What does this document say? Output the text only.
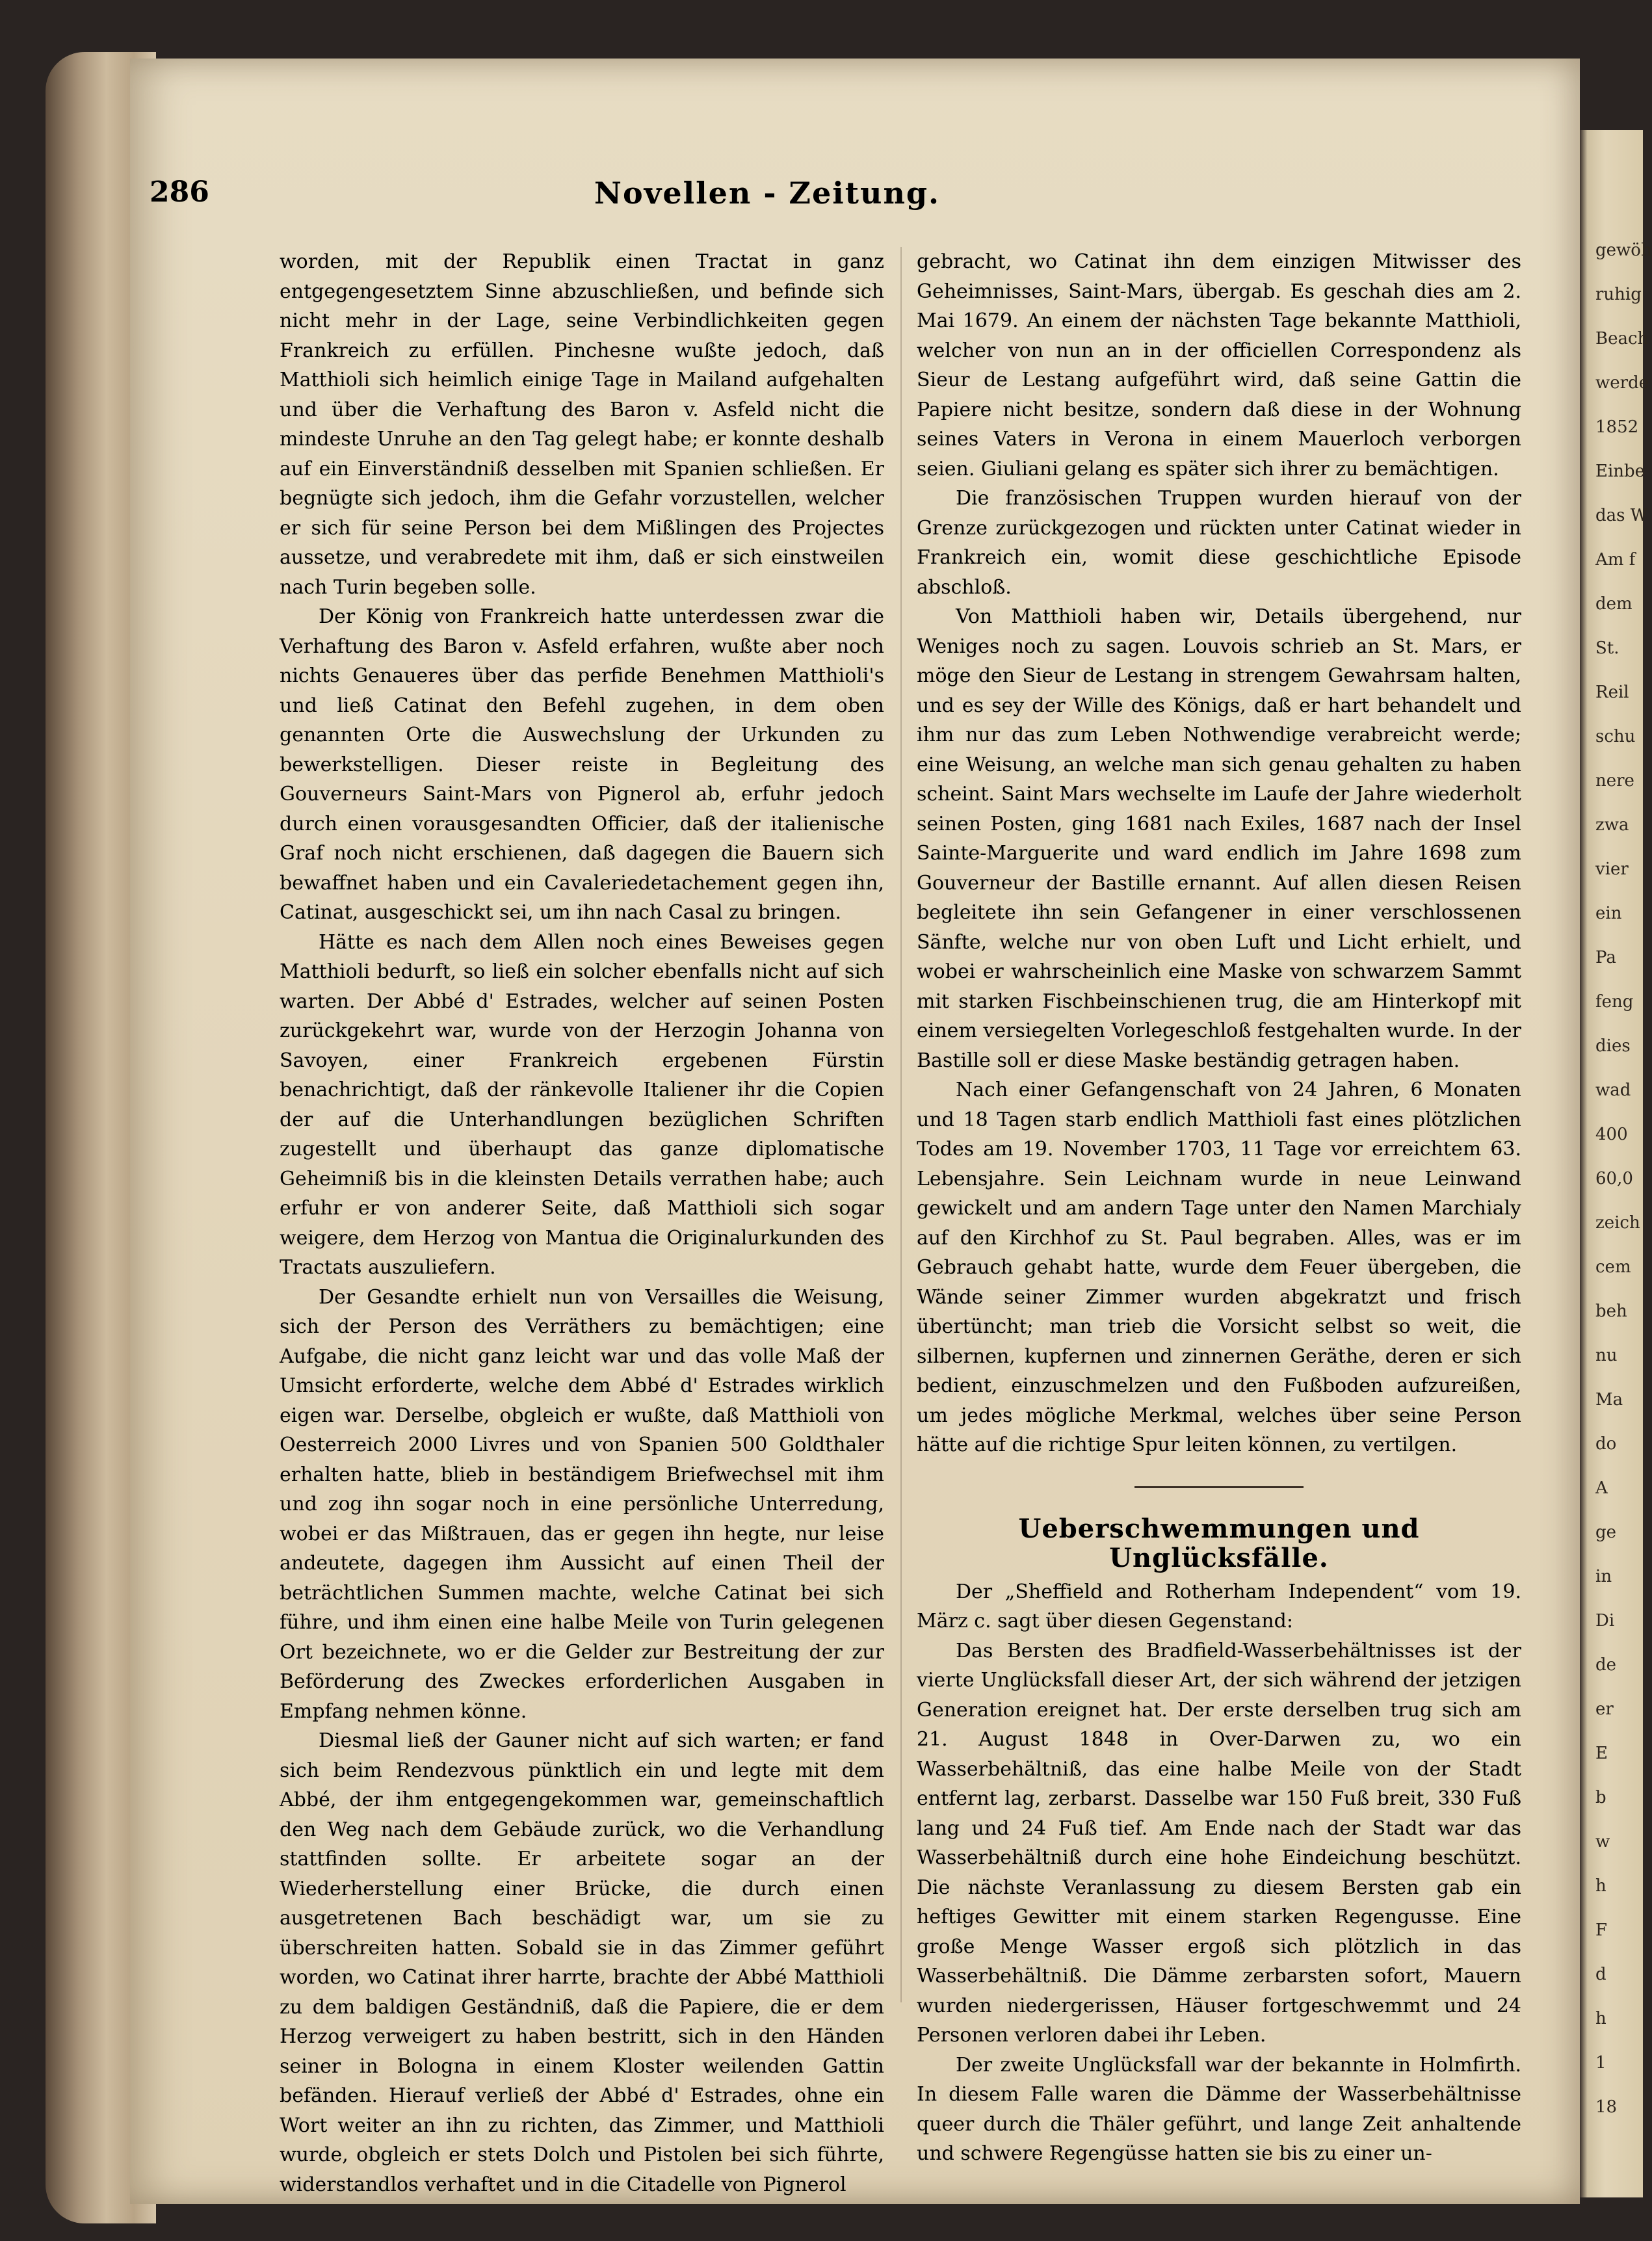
286	Novellen - Zeitung.

worden, mit der Republik einen Tractat in ganz entgegengesetztem Sinne abzuschließen, und befinde sich nicht mehr in der Lage, seine Verbindlichkeiten gegen Frankreich zu erfüllen. Pinchesne wußte jedoch, daß Matthioli sich heimlich einige Tage in Mailand aufgehalten und über die Verhaftung des Baron v. Asfeld nicht die mindeste Unruhe an den Tag gelegt habe; er konnte deshalb auf ein Einverständniß desselben mit Spanien schließen. Er begnügte sich jedoch, ihm die Gefahr vorzustellen, welcher er sich für seine Person bei dem Mißlingen des Projectes aussetze, und verabredete mit ihm, daß er sich einstweilen nach Turin begeben solle.

Der König von Frankreich hatte unterdessen zwar die Verhaftung des Baron v. Asfeld erfahren, wußte aber noch nichts Genaueres über das perfide Benehmen Matthioli's und ließ Catinat den Befehl zugehen, in dem oben genannten Orte die Auswechslung der Urkunden zu bewerkstelligen. Dieser reiste in Begleitung des Gouverneurs Saint-Mars von Pignerol ab, erfuhr jedoch durch einen vorausgesandten Officier, daß der italienische Graf noch nicht erschienen, daß dagegen die Bauern sich bewaffnet haben und ein Cavaleriedetachement gegen ihn, Catinat, ausgeschickt sei, um ihn nach Casal zu bringen.

Hätte es nach dem Allen noch eines Beweises gegen Matthioli bedurft, so ließ ein solcher ebenfalls nicht auf sich warten. Der Abbé d' Estrades, welcher auf seinen Posten zurückgekehrt war, wurde von der Herzogin Johanna von Savoyen, einer Frankreich ergebenen Fürstin benachrichtigt, daß der ränkevolle Italiener ihr die Copien der auf die Unterhandlungen bezüglichen Schriften zugestellt und überhaupt das ganze diplomatische Geheimniß bis in die kleinsten Details verrathen habe; auch erfuhr er von anderer Seite, daß Matthioli sich sogar weigere, dem Herzog von Mantua die Originalurkunden des Tractats auszuliefern.

Der Gesandte erhielt nun von Versailles die Weisung, sich der Person des Verräthers zu bemächtigen; eine Aufgabe, die nicht ganz leicht war und das volle Maß der Umsicht erforderte, welche dem Abbé d' Estrades wirklich eigen war. Derselbe, obgleich er wußte, daß Matthioli von Oesterreich 2000 Livres und von Spanien 500 Goldthaler erhalten hatte, blieb in beständigem Briefwechsel mit ihm und zog ihn sogar noch in eine persönliche Unterredung, wobei er das Mißtrauen, das er gegen ihn hegte, nur leise andeutete, dagegen ihm Aussicht auf einen Theil der beträchtlichen Summen machte, welche Catinat bei sich führe, und ihm einen eine halbe Meile von Turin gelegenen Ort bezeichnete, wo er die Gelder zur Bestreitung der zur Beförderung des Zweckes erforderlichen Ausgaben in Empfang nehmen könne.

Diesmal ließ der Gauner nicht auf sich warten; er fand sich beim Rendezvous pünktlich ein und legte mit dem Abbé, der ihm entgegengekommen war, gemeinschaftlich den Weg nach dem Gebäude zurück, wo die Verhandlung stattfinden sollte. Er arbeitete sogar an der Wiederherstellung einer Brücke, die durch einen ausgetretenen Bach beschädigt war, um sie zu überschreiten hatten. Sobald sie in das Zimmer geführt worden, wo Catinat ihrer harrte, brachte der Abbé Matthioli zu dem baldigen Geständniß, daß die Papiere, die er dem Herzog verweigert zu haben bestritt, sich in den Händen seiner in Bologna in einem Kloster weilenden Gattin befänden. Hierauf verließ der Abbé d' Estrades, ohne ein Wort weiter an ihn zu richten, das Zimmer, und Matthioli wurde, obgleich er stets Dolch und Pistolen bei sich führte, widerstandlos verhaftet und in die Citadelle von Pignerol

gebracht, wo Catinat ihn dem einzigen Mitwisser des Geheimnisses, Saint-Mars, übergab. Es geschah dies am 2. Mai 1679. An einem der nächsten Tage bekannte Matthioli, welcher von nun an in der officiellen Correspondenz als Sieur de Lestang aufgeführt wird, daß seine Gattin die Papiere nicht besitze, sondern daß diese in der Wohnung seines Vaters in Verona in einem Mauerloch verborgen seien. Giuliani gelang es später sich ihrer zu bemächtigen.

Die französischen Truppen wurden hierauf von der Grenze zurückgezogen und rückten unter Catinat wieder in Frankreich ein, womit diese geschichtliche Episode abschloß.

Von Matthioli haben wir, Details übergehend, nur Weniges noch zu sagen. Louvois schrieb an St. Mars, er möge den Sieur de Lestang in strengem Gewahrsam halten, und es sey der Wille des Königs, daß er hart behandelt und ihm nur das zum Leben Nothwendige verabreicht werde; eine Weisung, an welche man sich genau gehalten zu haben scheint. Saint Mars wechselte im Laufe der Jahre wiederholt seinen Posten, ging 1681 nach Exiles, 1687 nach der Insel Sainte-Marguerite und ward endlich im Jahre 1698 zum Gouverneur der Bastille ernannt. Auf allen diesen Reisen begleitete ihn sein Gefangener in einer verschlossenen Sänfte, welche nur von oben Luft und Licht erhielt, und wobei er wahrscheinlich eine Maske von schwarzem Sammt mit starken Fischbeinschienen trug, die am Hinterkopf mit einem versiegelten Vorlegeschloß festgehalten wurde. In der Bastille soll er diese Maske beständig getragen haben.

Nach einer Gefangenschaft von 24 Jahren, 6 Monaten und 18 Tagen starb endlich Matthioli fast eines plötzlichen Todes am 19. November 1703, 11 Tage vor erreichtem 63. Lebensjahre. Sein Leichnam wurde in neue Leinwand gewickelt und am andern Tage unter den Namen Marchialy auf den Kirchhof zu St. Paul begraben. Alles, was er im Gebrauch gehabt hatte, wurde dem Feuer übergeben, die Wände seiner Zimmer wurden abgekratzt und frisch übertüncht; man trieb die Vorsicht selbst so weit, die silbernen, kupfernen und zinnernen Geräthe, deren er sich bedient, einzuschmelzen und den Fußboden aufzureißen, um jedes mögliche Merkmal, welches über seine Person hätte auf die richtige Spur leiten können, zu vertilgen.

Ueberschwemmungen und Unglücksfälle.

Der „Sheffield and Rotherham Independent“ vom 19. März c. sagt über diesen Gegenstand:

Das Bersten des Bradfield-Wasserbehältnisses ist der vierte Unglücksfall dieser Art, der sich während der jetzigen Generation ereignet hat. Der erste derselben trug sich am 21. August 1848 in Over-Darwen zu, wo ein Wasserbehältniß, das eine halbe Meile von der Stadt entfernt lag, zerbarst. Dasselbe war 150 Fuß breit, 330 Fuß lang und 24 Fuß tief. Am Ende nach der Stadt war das Wasserbehältniß durch eine hohe Eindeichung beschützt. Die nächste Veranlassung zu diesem Bersten gab ein heftiges Gewitter mit einem starken Regengusse. Eine große Menge Wasser ergoß sich plötzlich in das Wasserbehältniß. Die Dämme zerbarsten sofort, Mauern wurden niedergerissen, Häuser fortgeschwemmt und 24 Personen verloren dabei ihr Leben.

Der zweite Unglücksfall war der bekannte in Holmfirth. In diesem Falle waren die Dämme der Wasserbehältnisse queer durch die Thäler geführt, und lange Zeit anhaltende und schwere Regengüsse hatten sie bis zu einer un-

gewöh
ruhig
Beach
werde
1852
Einbe
das W
Am f
dem
St.
Reil
schu
nere
zwa
vier
ein
Pa
feng
dies
wad
400
60,0
zeich
cem
beh
nu
Ma
do
A
ge
in
Di
de
er
E
b
w
h
F
d
h
1
18
